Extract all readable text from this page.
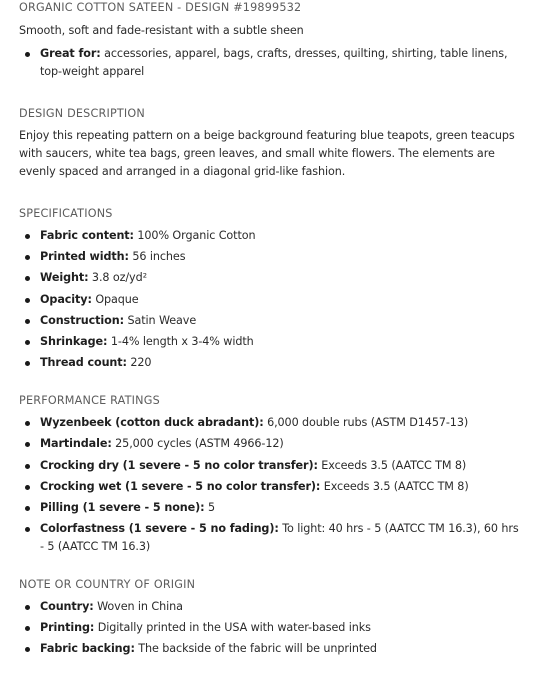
ORGANIC COTTON SATEEN - DESIGN #19899532

Smooth, soft and fade-resistant with a subtle sheen

Great for: accessories, apparel, bags, crafts, dresses, quilting, shirting, table linens, top-weight apparel
DESIGN DESCRIPTION

Enjoy this repeating pattern on a beige background featuring blue teapots, green teacups with saucers, white tea bags, green leaves, and small white flowers. The elements are evenly spaced and arranged in a diagonal grid-like fashion.

SPECIFICATIONS
Fabric content: 100% Organic Cotton
Printed width: 56 inches
Weight: 3.8 oz/yd²
Opacity: Opaque
Construction: Satin Weave
Shrinkage: 1-4% length x 3-4% width
Thread count: 220
PERFORMANCE RATINGS
Wyzenbeek (cotton duck abradant): 6,000 double rubs (ASTM D1457-13)
Martindale: 25,000 cycles (ASTM 4966-12)
Crocking dry (1 severe - 5 no color transfer): Exceeds 3.5 (AATCC TM 8)
Crocking wet (1 severe - 5 no color transfer): Exceeds 3.5 (AATCC TM 8)
Pilling (1 severe - 5 none): 5
Colorfastness (1 severe - 5 no fading): To light: 40 hrs - 5 (AATCC TM 16.3), 60 hrs - 5 (AATCC TM 16.3)
NOTE OR COUNTRY OF ORIGIN
Country: Woven in China
Printing: Digitally printed in the USA with water-based inks
Fabric backing: The backside of the fabric will be unprinted
